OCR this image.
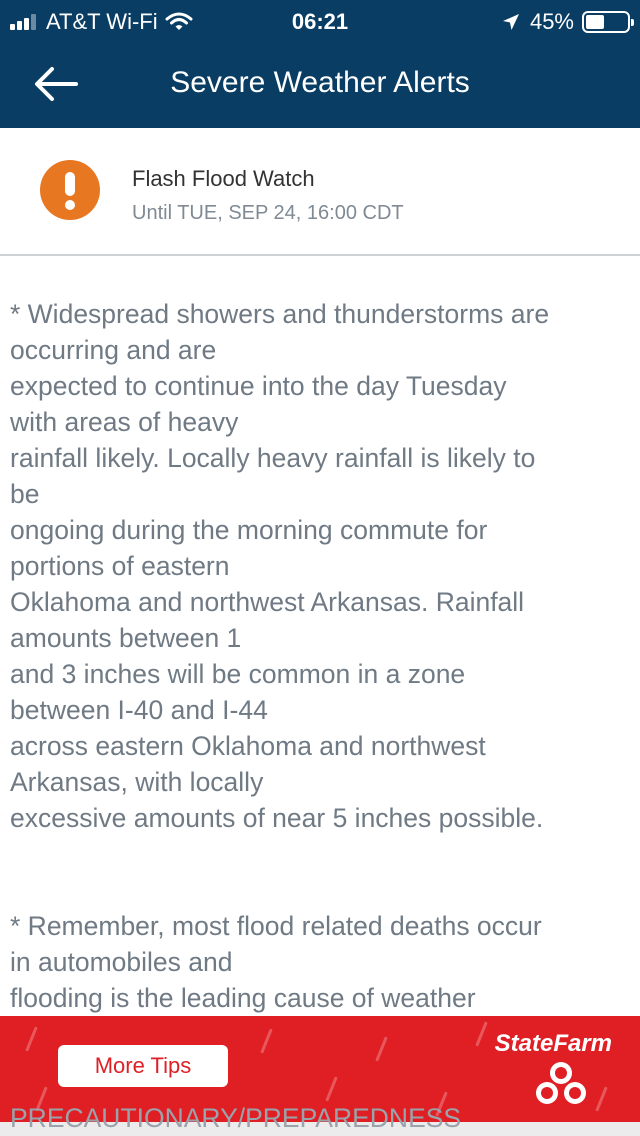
AT&T Wi-Fi	06:21	45%
Severe Weather Alerts
Flash Flood Watch
Until TUE, SEP 24, 16:00 CDT

* Widespread showers and thunderstorms are
occurring and are
expected to continue into the day Tuesday
with areas of heavy
rainfall likely. Locally heavy rainfall is likely to
be
ongoing during the morning commute for
portions of eastern
Oklahoma and northwest Arkansas. Rainfall
amounts between 1
and 3 inches will be common in a zone
between I-40 and I-44
across eastern Oklahoma and northwest
Arkansas, with locally
excessive amounts of near 5 inches possible.

* Remember, most flood related deaths occur
in automobiles and
flooding is the leading cause of weather

More Tips
StateFarm
PRECAUTIONARY/PREPAREDNESS
